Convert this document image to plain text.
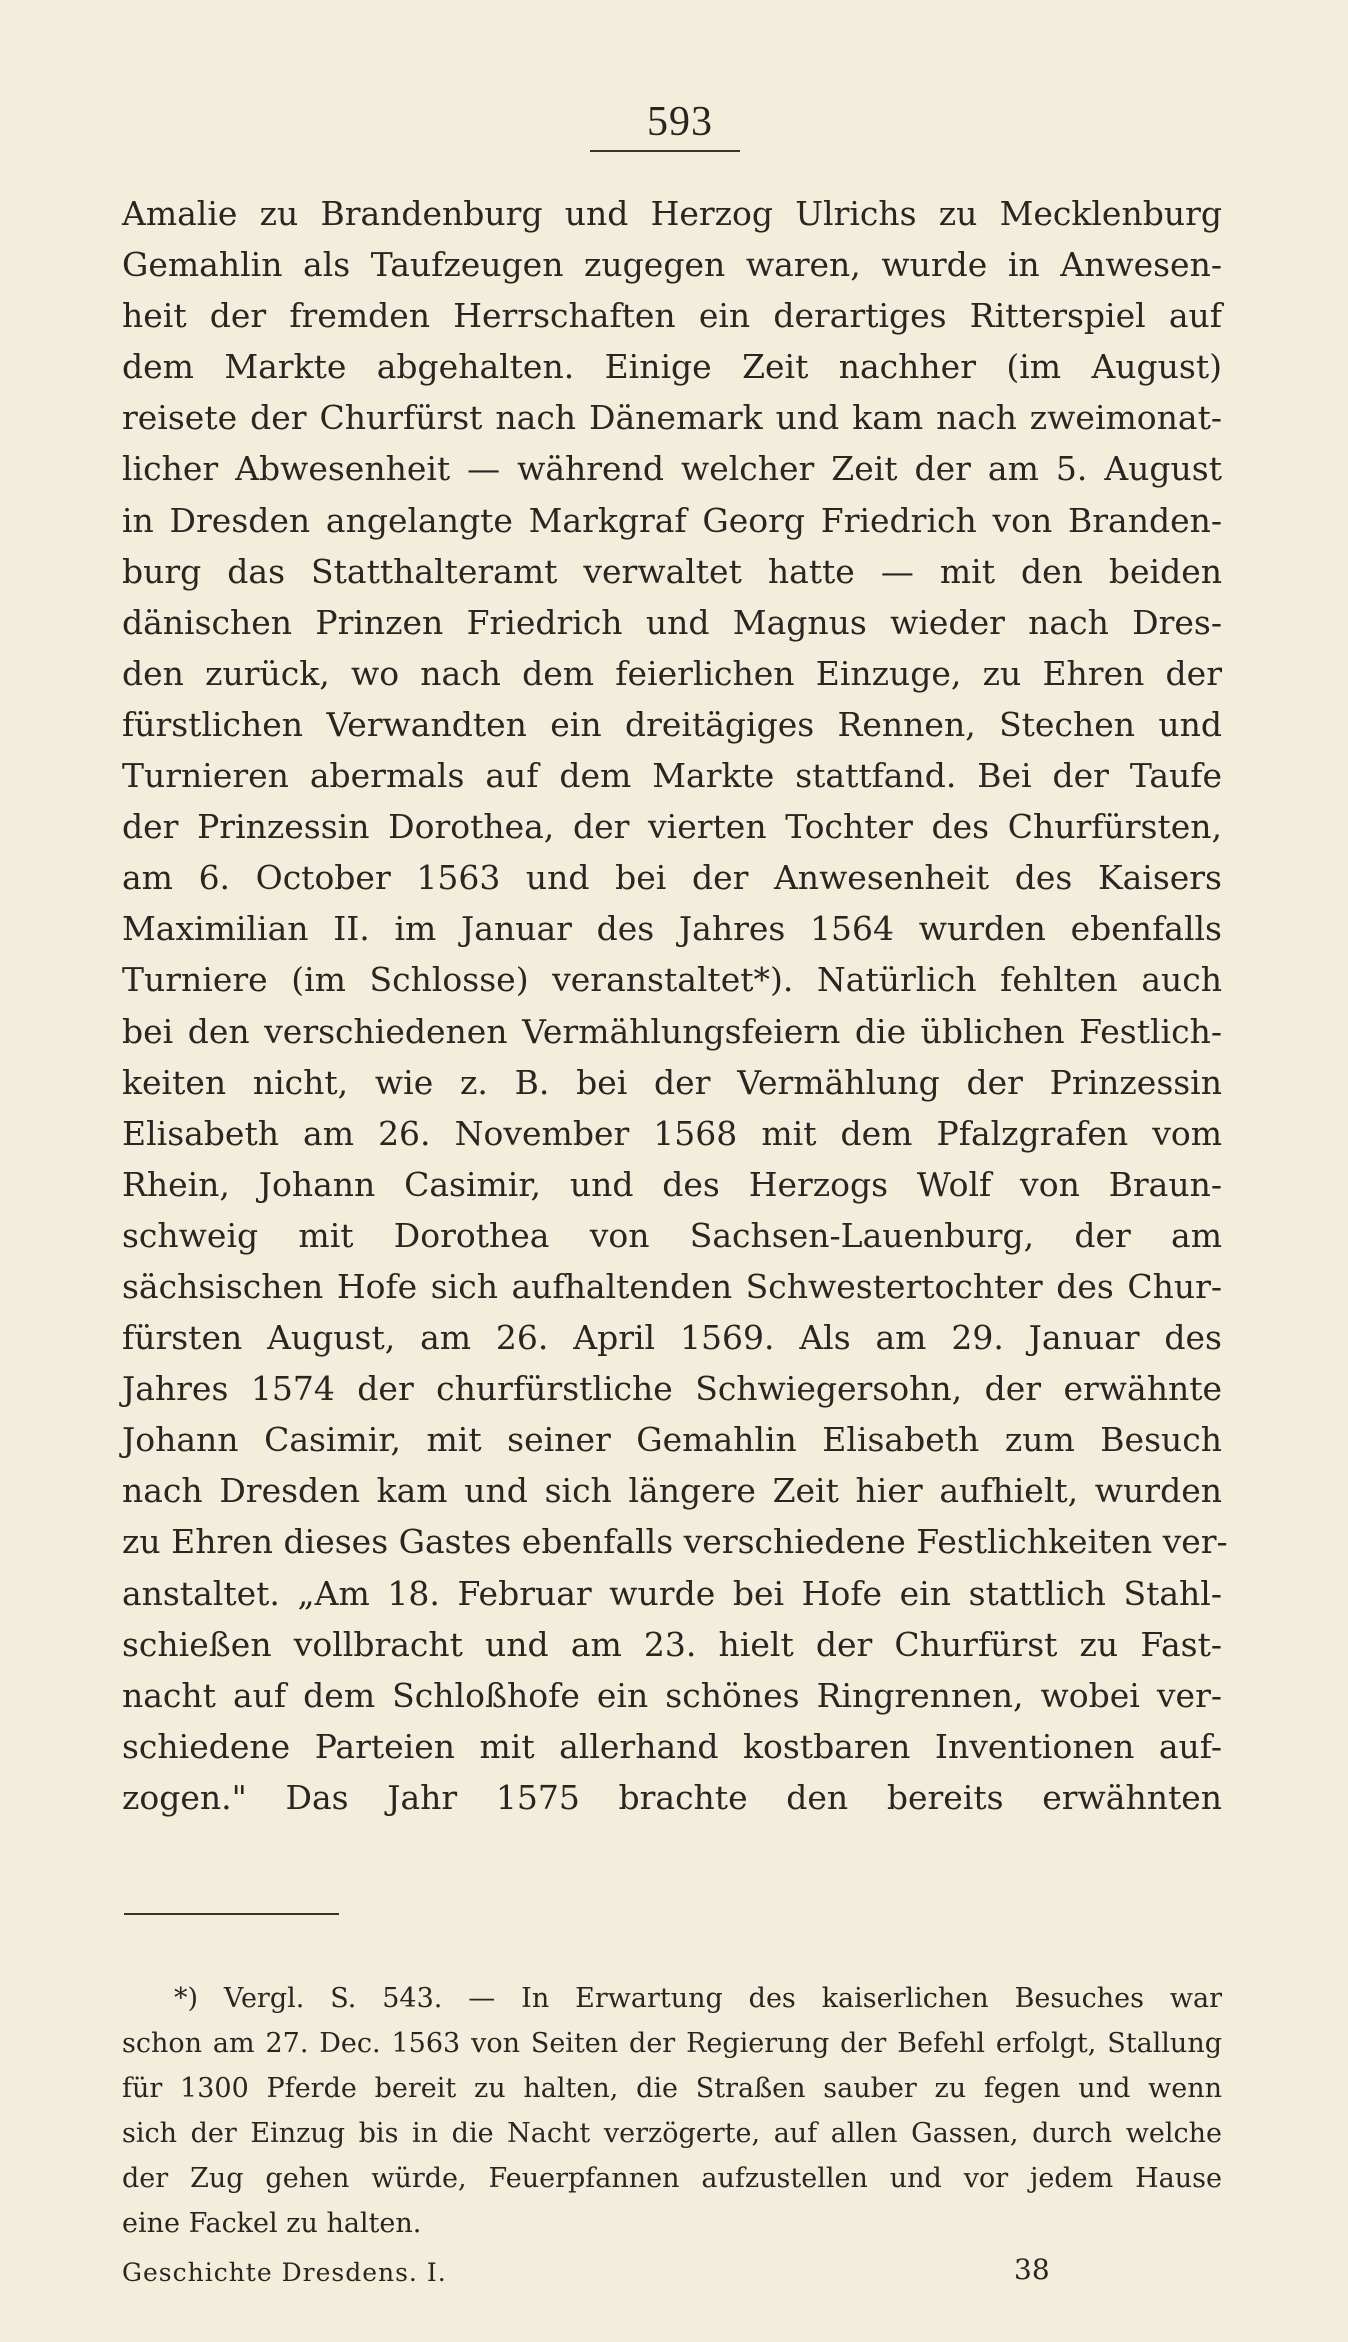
593
Amalie zu Brandenburg und Herzog Ulrichs zu Mecklenburg
Gemahlin als Taufzeugen zugegen waren, wurde in Anwesen-
heit der fremden Herrschaften ein derartiges Ritterspiel auf
dem Markte abgehalten. Einige Zeit nachher (im August)
reisete der Churfürst nach Dänemark und kam nach zweimonat-
licher Abwesenheit — während welcher Zeit der am 5. August
in Dresden angelangte Markgraf Georg Friedrich von Branden-
burg das Statthalteramt verwaltet hatte — mit den beiden
dänischen Prinzen Friedrich und Magnus wieder nach Dres-
den zurück, wo nach dem feierlichen Einzuge, zu Ehren der
fürstlichen Verwandten ein dreitägiges Rennen, Stechen und
Turnieren abermals auf dem Markte stattfand. Bei der Taufe
der Prinzessin Dorothea, der vierten Tochter des Churfürsten,
am 6. October 1563 und bei der Anwesenheit des Kaisers
Maximilian II. im Januar des Jahres 1564 wurden ebenfalls
Turniere (im Schlosse) veranstaltet*). Natürlich fehlten auch
bei den verschiedenen Vermählungsfeiern die üblichen Festlich-
keiten nicht, wie z. B. bei der Vermählung der Prinzessin
Elisabeth am 26. November 1568 mit dem Pfalzgrafen vom
Rhein, Johann Casimir, und des Herzogs Wolf von Braun-
schweig mit Dorothea von Sachsen-Lauenburg, der am
sächsischen Hofe sich aufhaltenden Schwestertochter des Chur-
fürsten August, am 26. April 1569. Als am 29. Januar des
Jahres 1574 der churfürstliche Schwiegersohn, der erwähnte
Johann Casimir, mit seiner Gemahlin Elisabeth zum Besuch
nach Dresden kam und sich längere Zeit hier aufhielt, wurden
zu Ehren dieses Gastes ebenfalls verschiedene Festlichkeiten ver-
anstaltet. „Am 18. Februar wurde bei Hofe ein stattlich Stahl-
schießen vollbracht und am 23. hielt der Churfürst zu Fast-
nacht auf dem Schloßhofe ein schönes Ringrennen, wobei ver-
schiedene Parteien mit allerhand kostbaren Inventionen auf-
zogen." Das Jahr 1575 brachte den bereits erwähnten
*) Vergl. S. 543. — In Erwartung des kaiserlichen Besuches war
schon am 27. Dec. 1563 von Seiten der Regierung der Befehl erfolgt, Stallung
für 1300 Pferde bereit zu halten, die Straßen sauber zu fegen und wenn
sich der Einzug bis in die Nacht verzögerte, auf allen Gassen, durch welche
der Zug gehen würde, Feuerpfannen aufzustellen und vor jedem Hause
eine Fackel zu halten.
Geschichte Dresdens. I.	38
